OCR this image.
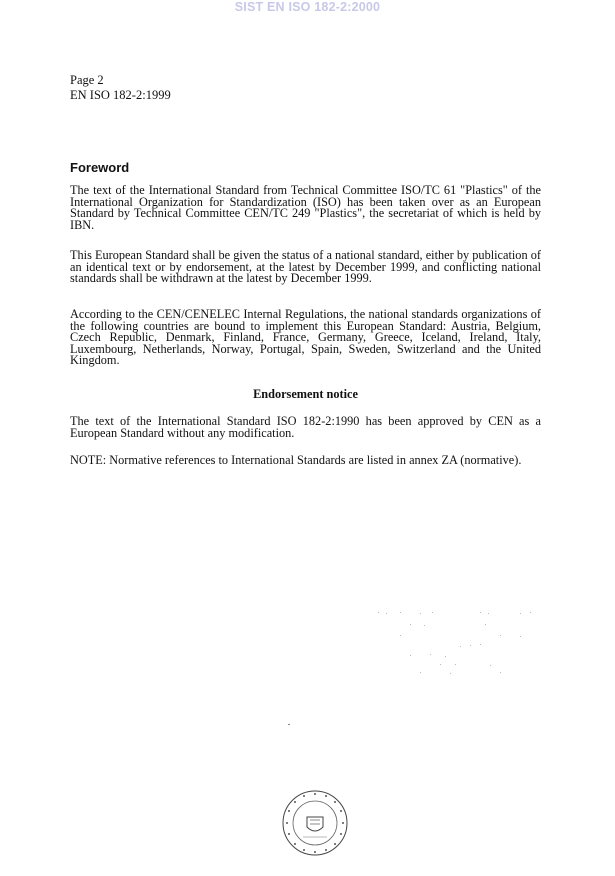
SIST EN ISO 182-2:2000
Page 2
EN ISO 182-2:1999
Foreword

The text of the International Standard from Technical Committee ISO/TC 61 "Plastics" of the International Organization for Standardization (ISO) has been taken over as an European Standard by Technical Committee CEN/TC 249 "Plastics", the secretariat of which is held by IBN.

This European Standard shall be given the status of a national standard, either by publication of an identical text or by endorsement, at the latest by December 1999, and conflicting national standards shall be withdrawn at the latest by December 1999.

According to the CEN/CENELEC Internal Regulations, the national standards organizations of the following countries are bound to implement this European Standard: Austria, Belgium, Czech Republic, Denmark, Finland, France, Germany, Greece, Iceland, Ireland, Italy, Luxembourg, Netherlands, Norway, Portugal, Spain, Sweden, Switzerland and the United Kingdom.

Endorsement notice

The text of the International Standard ISO 182-2:1990 has been approved by CEN as a European Standard without any modification.

NOTE: Normative references to International Standards are listed in annex ZA (normative).
